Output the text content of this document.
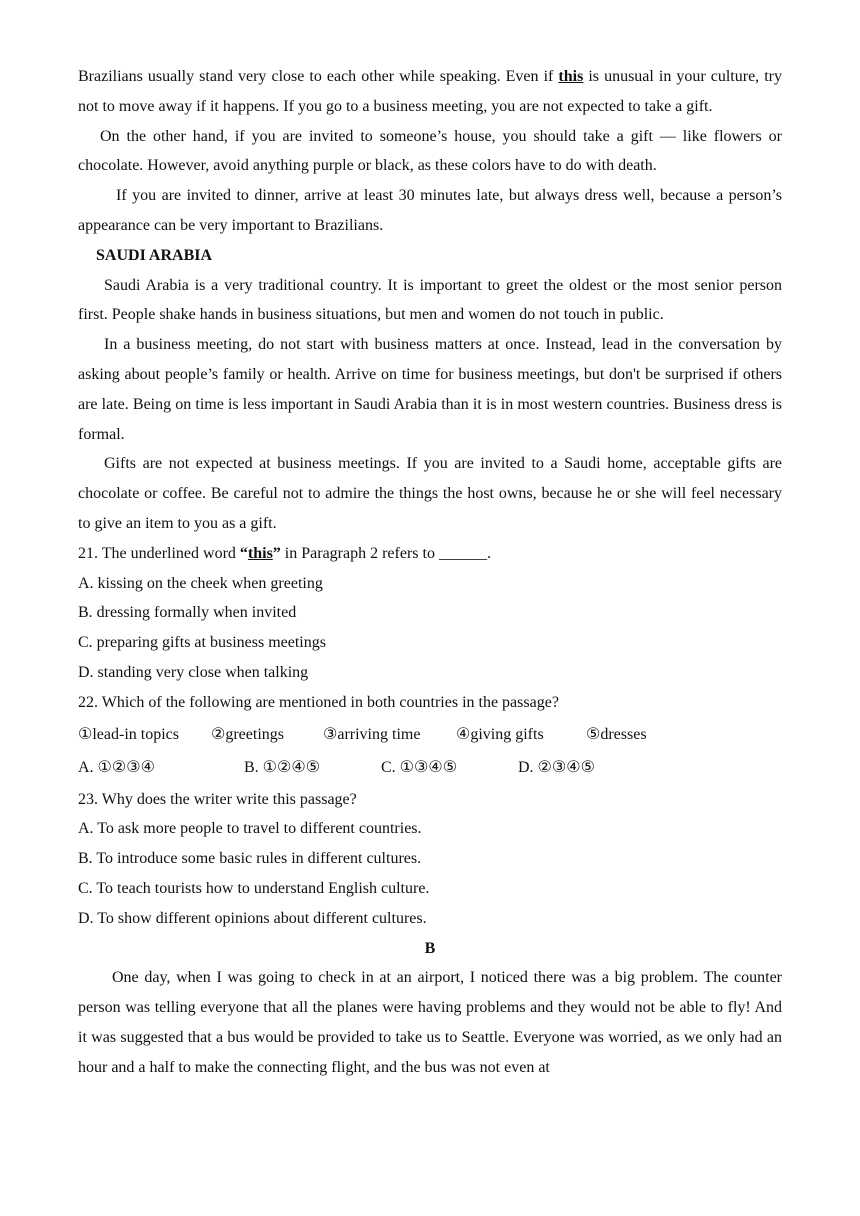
Brazilians usually stand very close to each other while speaking. Even if this is unusual in your culture, try not to move away if it happens. If you go to a business meeting, you are not expected to take a gift.

On the other hand, if you are invited to someone’s house, you should take a gift — like flowers or chocolate. However, avoid anything purple or black, as these colors have to do with death.

If you are invited to dinner, arrive at least 30 minutes late, but always dress well, because a person’s appearance can be very important to Brazilians.

SAUDI ARABIA

Saudi Arabia is a very traditional country. It is important to greet the oldest or the most senior person first. People shake hands in business situations, but men and women do not touch in public.

In a business meeting, do not start with business matters at once. Instead, lead in the conversation by asking about people’s family or health. Arrive on time for business meetings, but don't be surprised if others are late. Being on time is less important in Saudi Arabia than it is in most western countries. Business dress is formal.

Gifts are not expected at business meetings. If you are invited to a Saudi home, acceptable gifts are chocolate or coffee. Be careful not to admire the things the host owns, because he or she will feel necessary to give an item to you as a gift.

21. The underlined word “this” in Paragraph 2 refers to ______.

A. kissing on the cheek when greeting

B. dressing formally when invited

C. preparing gifts at business meetings

D. standing very close when talking

22. Which of the following are mentioned in both countries in the passage?

①lead-in topics	②greetings	③arriving time	④giving gifts	⑤dresses
A. ①②③④	B. ①②④⑤	C. ①③④⑤	D. ②③④⑤

23. Why does the writer write this passage?

A. To ask more people to travel to different countries.

B. To introduce some basic rules in different cultures.

C. To teach tourists how to understand English culture.

D. To show different opinions about different cultures.

B

One day, when I was going to check in at an airport, I noticed there was a big problem. The counter person was telling everyone that all the planes were having problems and they would not be able to fly! And it was suggested that a bus would be provided to take us to Seattle. Everyone was worried, as we only had an hour and a half to make the connecting flight, and the bus was not even at
